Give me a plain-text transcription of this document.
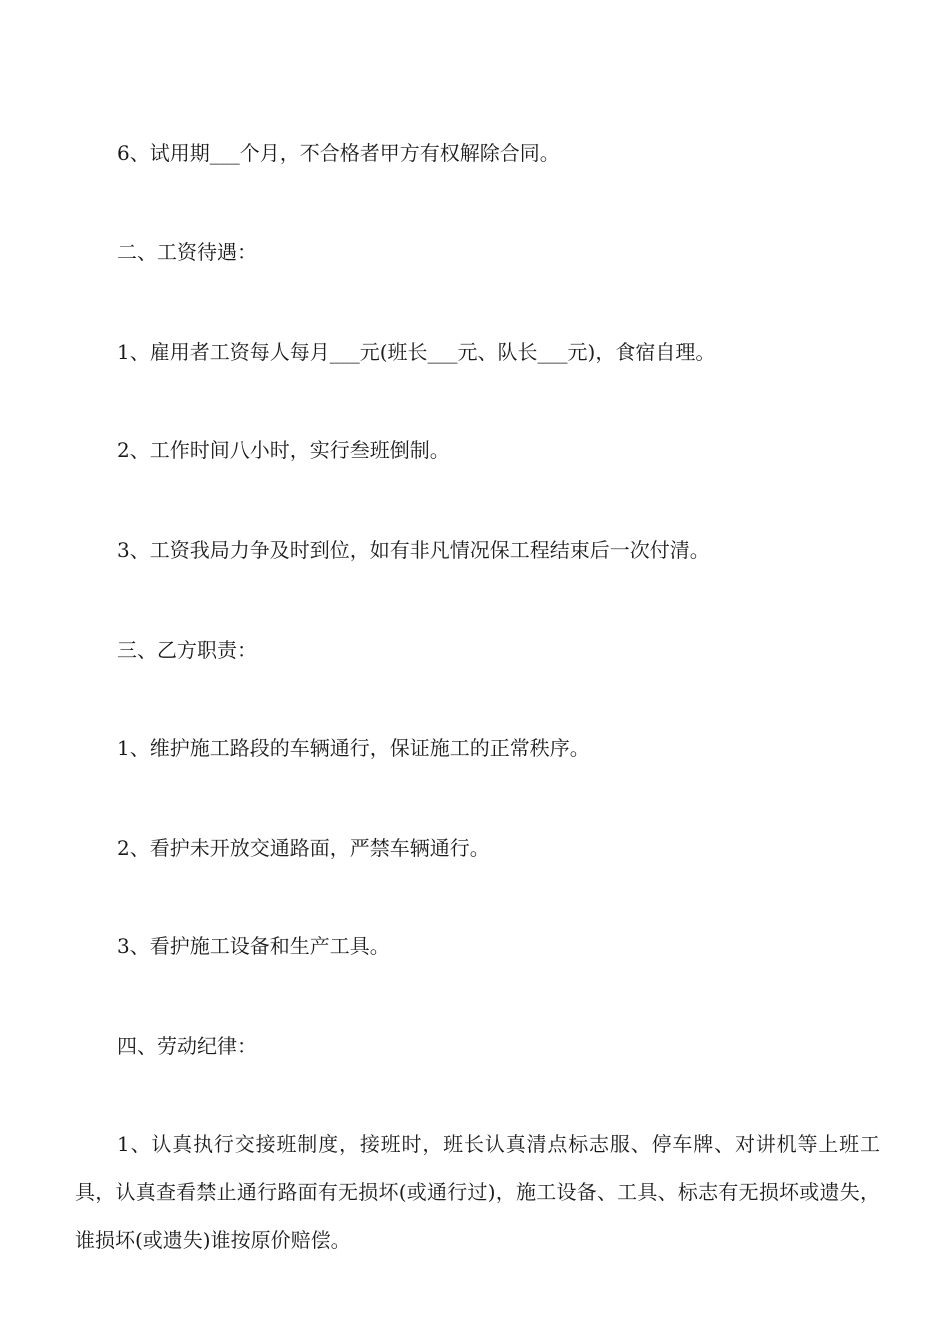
6、试用期___个月，不合格者甲方有权解除合同。

二、工资待遇：

1、雇用者工资每人每月___元(班长___元、队长___元)，食宿自理。

2、工作时间八小时，实行叁班倒制。

3、工资我局力争及时到位，如有非凡情况保工程结束后一次付清。

三、乙方职责：

1、维护施工路段的车辆通行，保证施工的正常秩序。

2、看护未开放交通路面，严禁车辆通行。

3、看护施工设备和生产工具。

四、劳动纪律：

1、认真执行交接班制度，接班时，班长认真清点标志服、停车牌、对讲机等上班工具，认真查看禁止通行路面有无损坏(或通行过)，施工设备、工具、标志有无损坏或遗失，谁损坏(或遗失)谁按原价赔偿。
